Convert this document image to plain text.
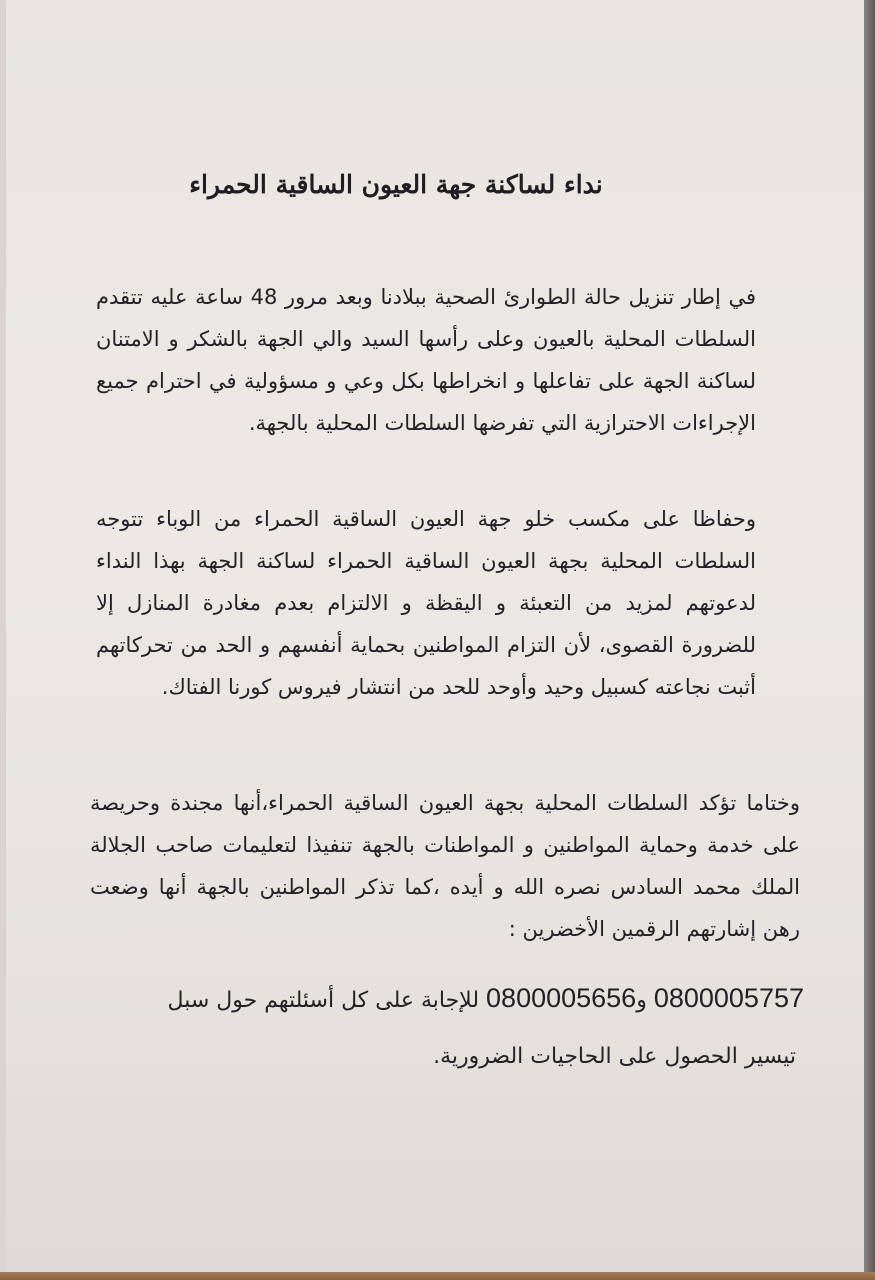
نداء لساكنة جهة العيون الساقية الحمراء
في إطار تنزيل حالة الطوارئ الصحية ببلادنا وبعد مرور 48 ساعة عليه تتقدم السلطات المحلية بالعيون وعلى رأسها السيد والي الجهة بالشكر و الامتنان لساكنة الجهة على تفاعلها و انخراطها بكل وعي و مسؤولية في احترام جميع الإجراءات الاحترازية التي تفرضها السلطات المحلية بالجهة.
وحفاظا على مكسب خلو جهة العيون الساقية الحمراء من الوباء تتوجه السلطات المحلية بجهة العيون الساقية الحمراء لساكنة الجهة بهذا النداء لدعوتهم لمزيد من التعبئة و اليقظة و الالتزام بعدم مغادرة المنازل إلا للضرورة القصوى، لأن التزام المواطنين بحماية أنفسهم و الحد من تحركاتهم أثبت نجاعته كسبيل وحيد وأوحد للحد من انتشار فيروس كورنا الفتاك.
وختاما تؤكد السلطات المحلية بجهة العيون الساقية الحمراء،أنها مجندة وحريصة على خدمة وحماية المواطنين و المواطنات بالجهة تنفيذا لتعليمات صاحب الجلالة الملك محمد السادس نصره الله و أيده ،كما تذكر المواطنين بالجهة أنها وضعت رهن إشارتهم الرقمين الأخضرين :
0800005757 و0800005656 للإجابة على كل أسئلتهم حول سبل
تيسير الحصول على الحاجيات الضرورية.
